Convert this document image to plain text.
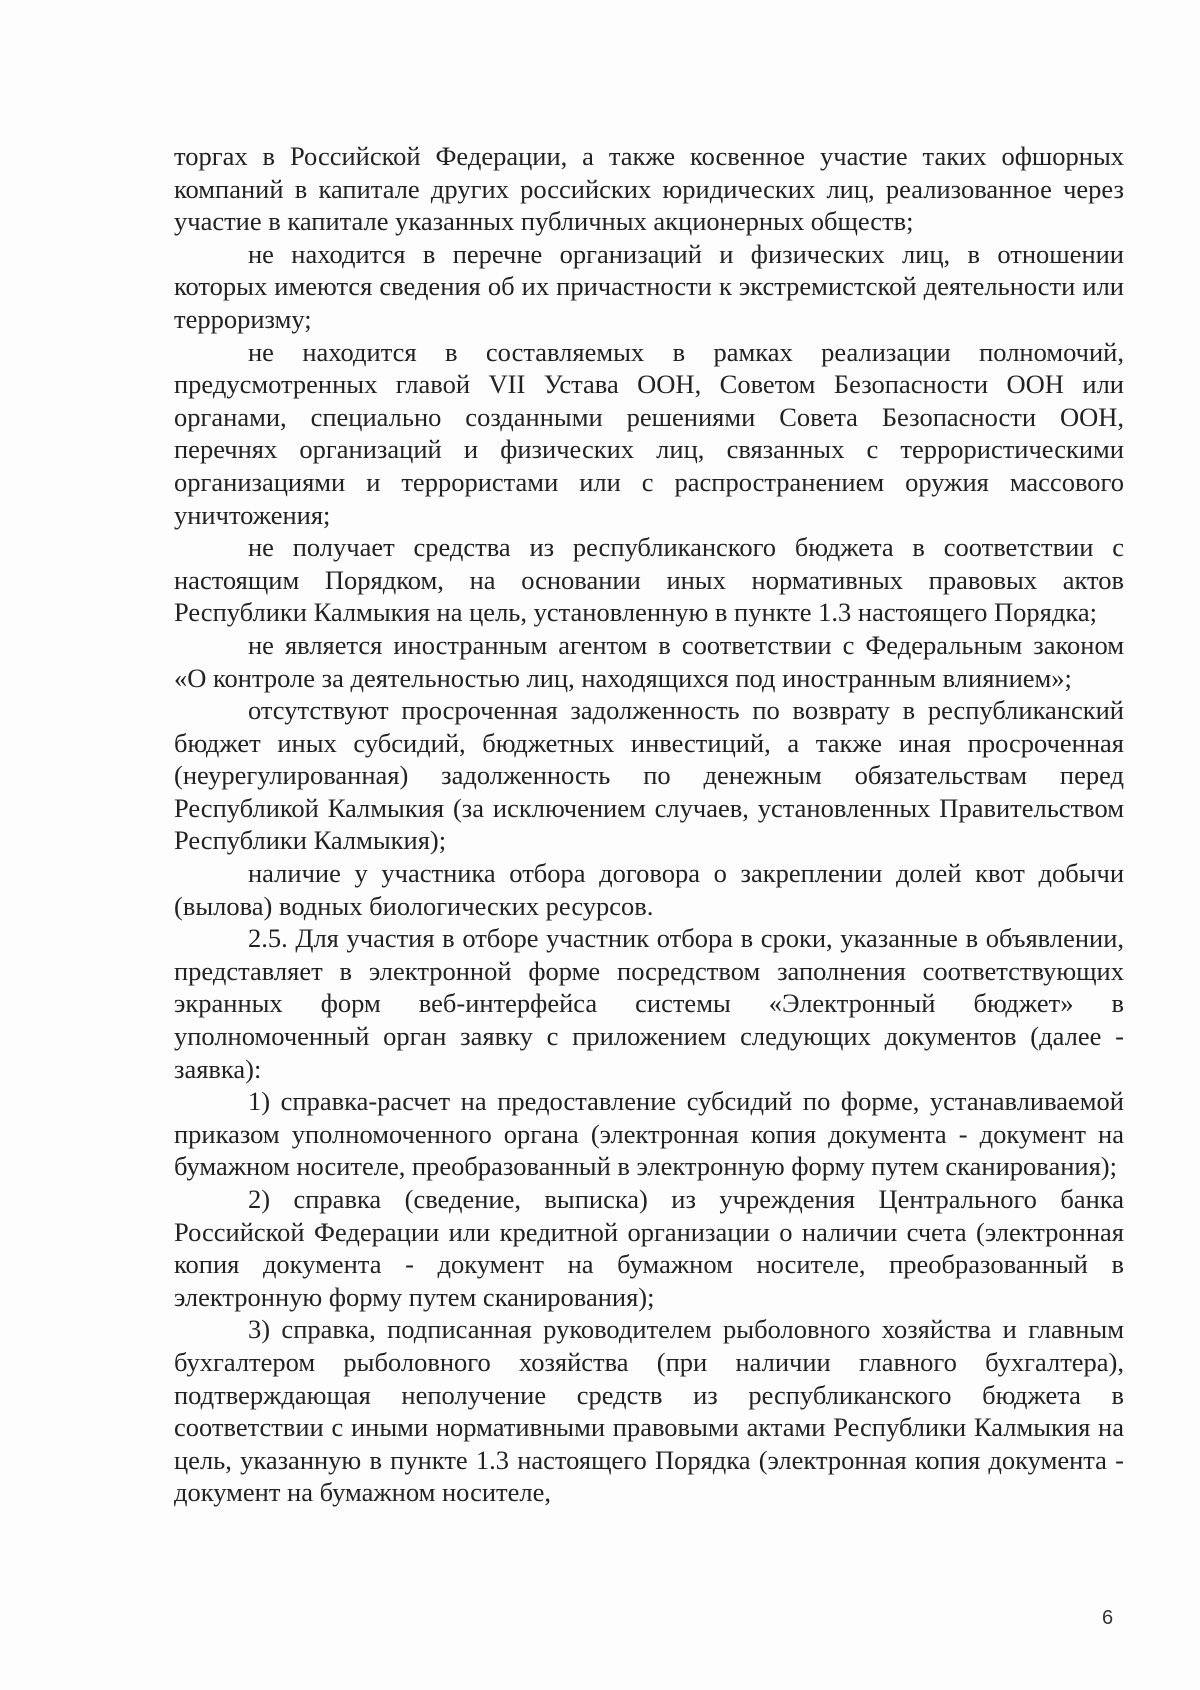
торгах в Российской Федерации, а также косвенное участие таких офшорных компаний в капитале других российских юридических лиц, реализованное через участие в капитале указанных публичных акционерных обществ;

не находится в перечне организаций и физических лиц, в отношении которых имеются сведения об их причастности к экстремистской деятельности или терроризму;

не находится в составляемых в рамках реализации полномочий, предусмотренных главой VII Устава ООН, Советом Безопасности ООН или органами, специально созданными решениями Совета Безопасности ООН, перечнях организаций и физических лиц, связанных с террористическими организациями и террористами или с распространением оружия массового уничтожения;

не получает средства из республиканского бюджета в соответствии с настоящим Порядком, на основании иных нормативных правовых актов Республики Калмыкия на цель, установленную в пункте 1.3 настоящего Порядка;

не является иностранным агентом в соответствии с Федеральным законом «О контроле за деятельностью лиц, находящихся под иностранным влиянием»;

отсутствуют просроченная задолженность по возврату в республиканский бюджет иных субсидий, бюджетных инвестиций, а также иная просроченная (неурегулированная) задолженность по денежным обязательствам перед Республикой Калмыкия (за исключением случаев, установленных Правительством Республики Калмыкия);

наличие у участника отбора договора о закреплении долей квот добычи (вылова) водных биологических ресурсов.

2.5. Для участия в отборе участник отбора в сроки, указанные в объявлении, представляет в электронной форме посредством заполнения соответствующих экранных форм веб-интерфейса системы «Электронный бюджет» в уполномоченный орган заявку с приложением следующих документов (далее - заявка):

1) справка-расчет на предоставление субсидий по форме, устанавливаемой приказом уполномоченного органа (электронная копия документа - документ на бумажном носителе, преобразованный в электронную форму путем сканирования);

2) справка (сведение, выписка) из учреждения Центрального банка Российской Федерации или кредитной организации о наличии счета (электронная копия документа - документ на бумажном носителе, преобразованный в электронную форму путем сканирования);

3) справка, подписанная руководителем рыболовного хозяйства и главным бухгалтером рыболовного хозяйства (при наличии главного бухгалтера), подтверждающая неполучение средств из республиканского бюджета в соответствии с иными нормативными правовыми актами Республики Калмыкия на цель, указанную в пункте 1.3 настоящего Порядка (электронная копия документа - документ на бумажном носителе,

6
